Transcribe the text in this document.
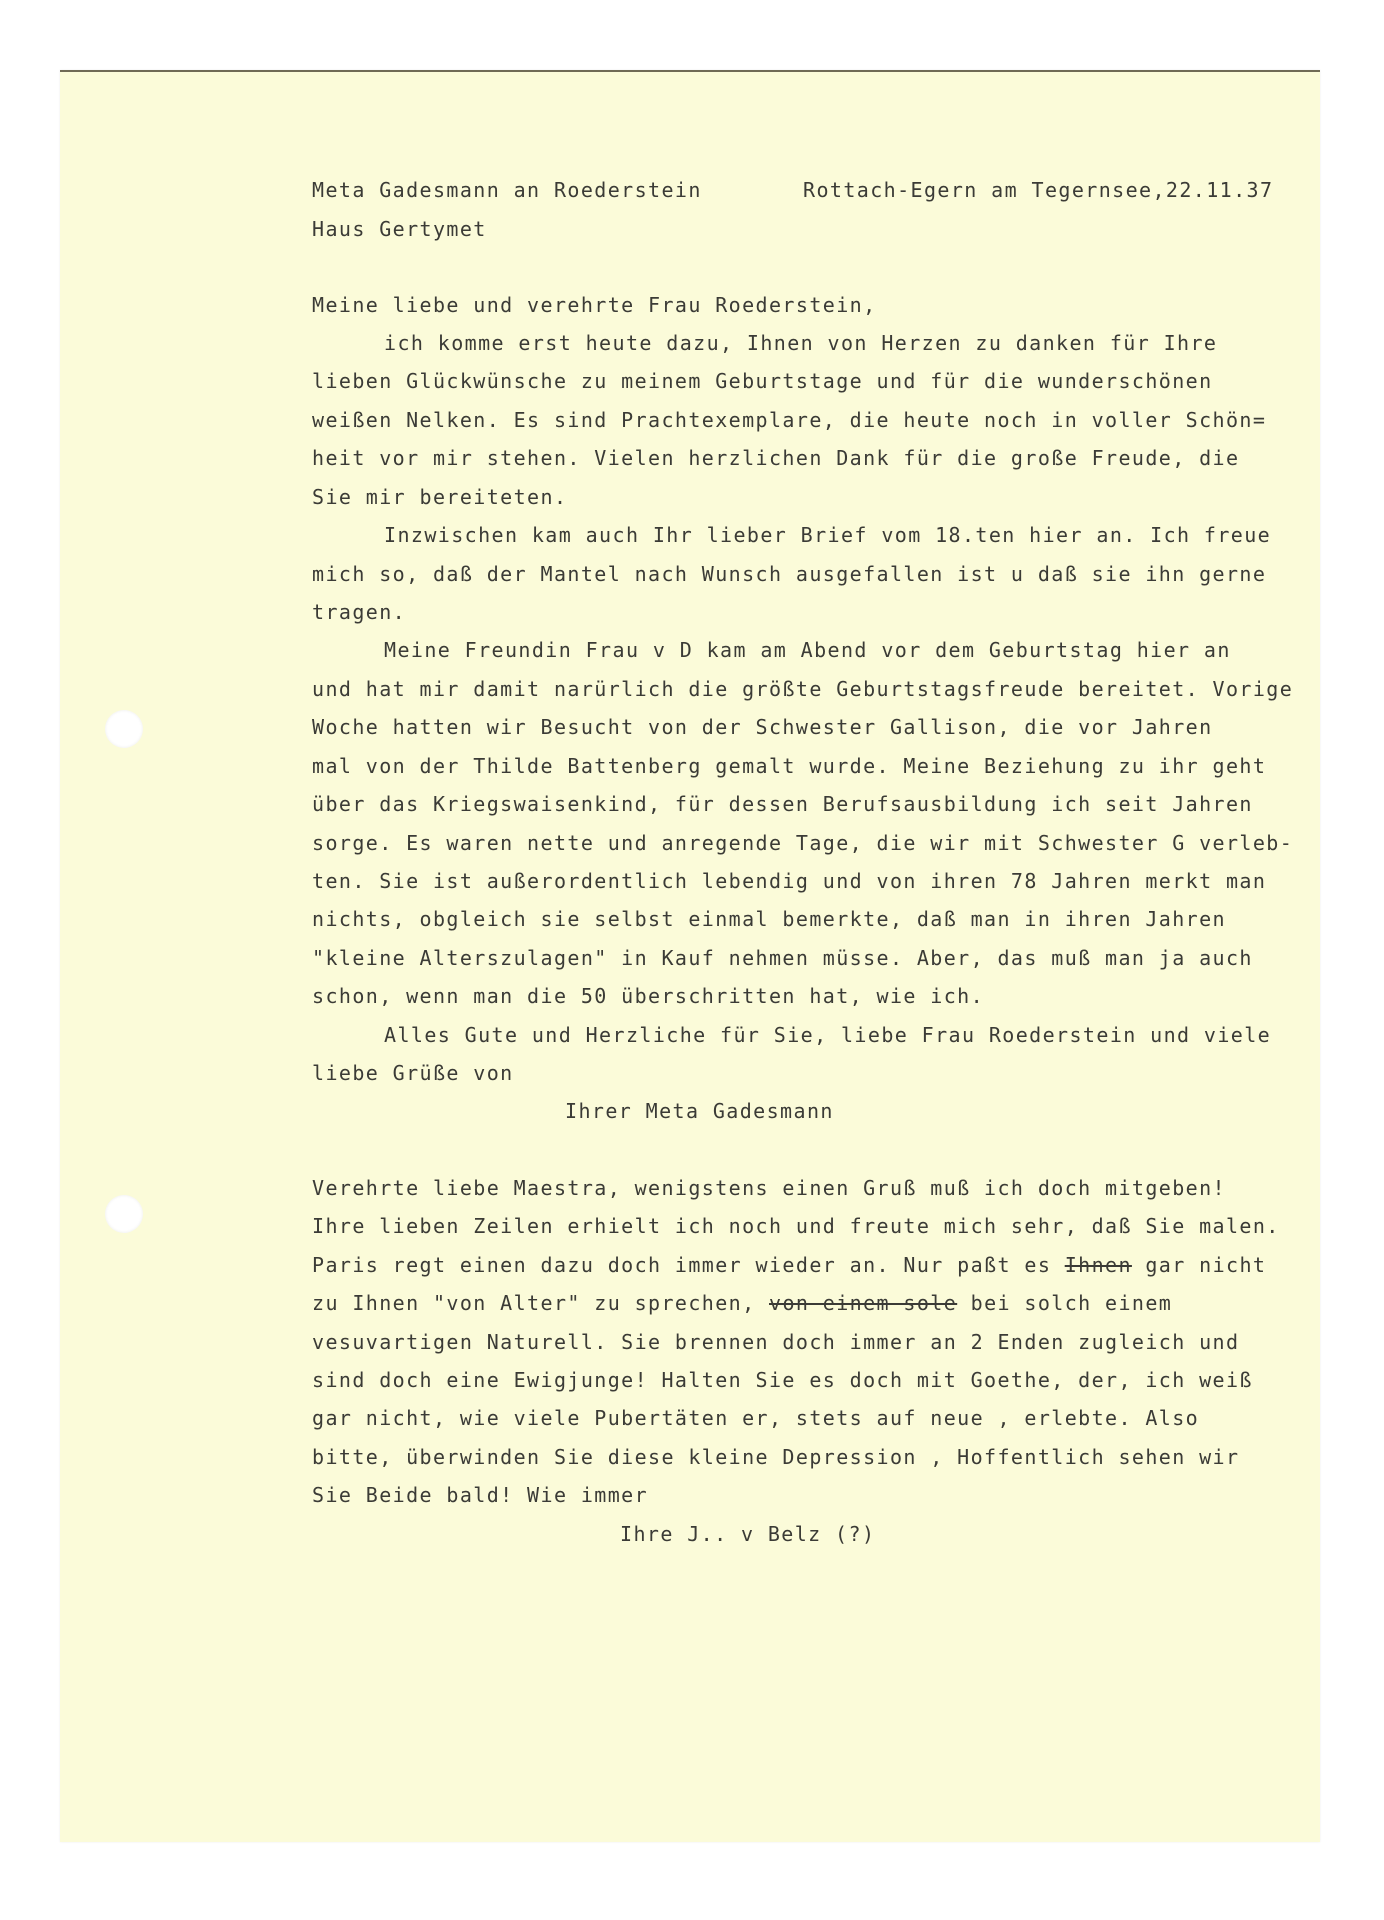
Meta Gadesmann an Roederstein	Rottach-Egern am Tegernsee,22.11.37
Haus Gertymet
Meine liebe und verehrte Frau Roederstein,
ich komme erst heute dazu, Ihnen von Herzen zu danken für Ihre
lieben Glückwünsche zu meinem Geburtstage und für die wunderschönen
weißen Nelken. Es sind Prachtexemplare, die heute noch in voller Schön=
heit vor mir stehen. Vielen herzlichen Dank für die große Freude, die
Sie mir bereiteten.
Inzwischen kam auch Ihr lieber Brief vom 18.ten hier an. Ich freue
mich so, daß der Mantel nach Wunsch ausgefallen ist u daß sie ihn gerne
tragen.
Meine Freundin Frau v D kam am Abend vor dem Geburtstag hier an
und hat mir damit narürlich die größte Geburtstagsfreude bereitet. Vorige
Woche hatten wir Besucht von der Schwester Gallison, die vor Jahren
mal von der Thilde Battenberg gemalt wurde. Meine Beziehung zu ihr geht
über das Kriegswaisenkind, für dessen Berufsausbildung ich seit Jahren
sorge. Es waren nette und anregende Tage, die wir mit Schwester G verleb-
ten. Sie ist außerordentlich lebendig und von ihren 78 Jahren merkt man
nichts, obgleich sie selbst einmal bemerkte, daß man in ihren Jahren
"kleine Alterszulagen" in Kauf nehmen müsse. Aber, das muß man ja auch
schon, wenn man die 50 überschritten hat, wie ich.
Alles Gute und Herzliche für Sie, liebe Frau Roederstein und viele
liebe Grüße von
Ihrer Meta Gadesmann
Verehrte liebe Maestra, wenigstens einen Gruß muß ich doch mitgeben!
Ihre lieben Zeilen erhielt ich noch und freute mich sehr, daß Sie malen.
Paris regt einen dazu doch immer wieder an. Nur paßt es Ihnen gar nicht
zu Ihnen "von Alter" zu sprechen, von einem sole bei solch einem
vesuvartigen Naturell. Sie brennen doch immer an 2 Enden zugleich und
sind doch eine Ewigjunge! Halten Sie es doch mit Goethe, der, ich weiß
gar nicht, wie viele Pubertäten er, stets auf neue , erlebte. Also
bitte, überwinden Sie diese kleine Depression , Hoffentlich sehen wir
Sie Beide bald! Wie immer
Ihre J.. v Belz (?)
